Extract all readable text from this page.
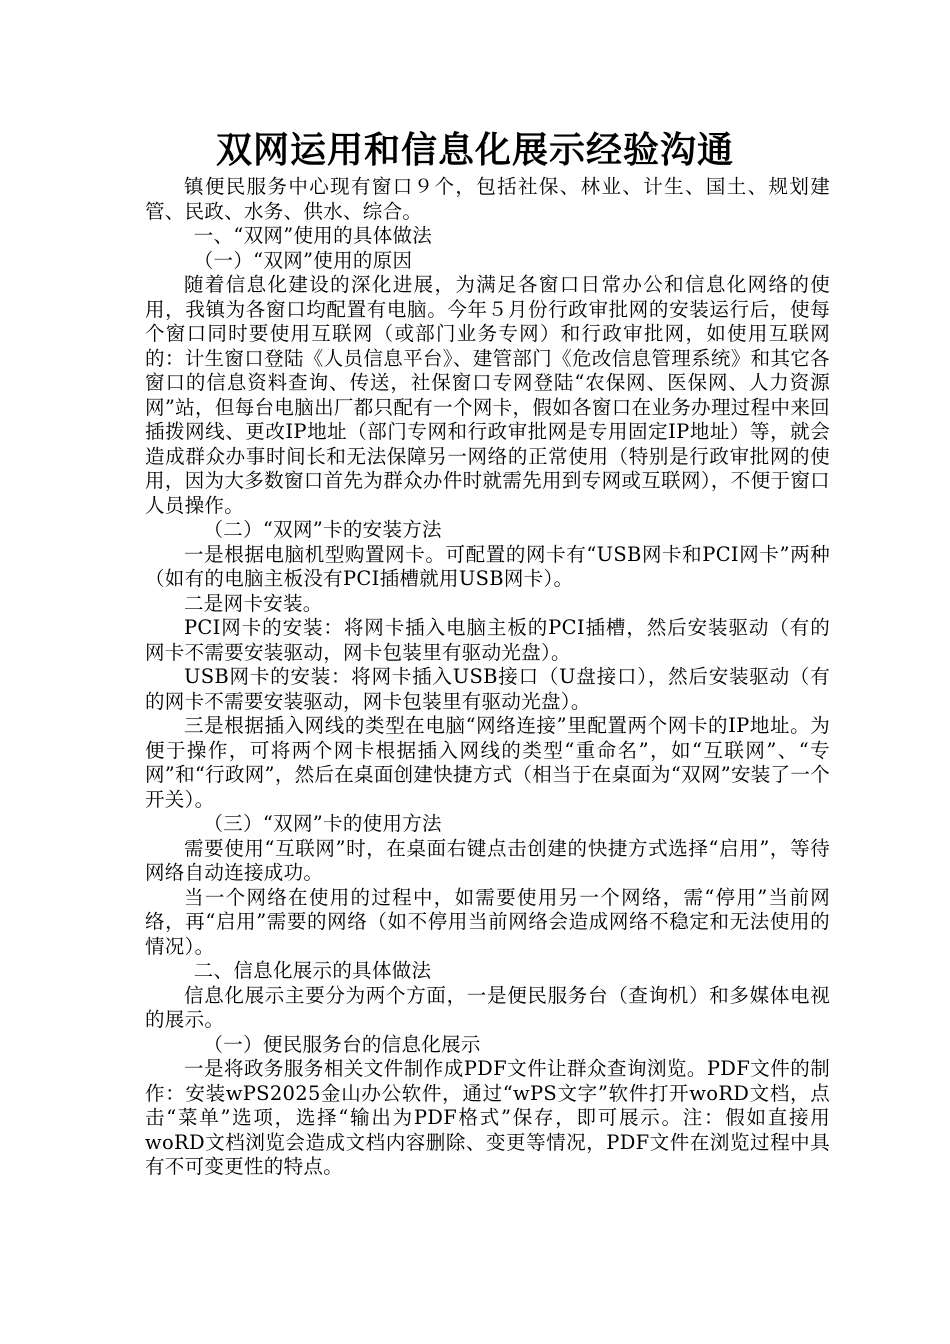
双网运用和信息化展示经验沟通

镇便民服务中心现有窗口９个，包括社保、林业、计生、国土、规划建管、民政、水务、供水、综合。

一、“双网”使用的具体做法

（一）“双网”使用的原因

随着信息化建设的深化进展，为满足各窗口日常办公和信息化网络的使用，我镇为各窗口均配置有电脑。今年５月份行政审批网的安装运行后，使每个窗口同时要使用互联网（或部门业务专网）和行政审批网，如使用互联网的：计生窗口登陆《人员信息平台》、建管部门《危改信息管理系统》和其它各窗口的信息资料查询、传送，社保窗口专网登陆“农保网、医保网、人力资源网”站，但每台电脑出厂都只配有一个网卡，假如各窗口在业务办理过程中来回插拨网线、更改IP地址（部门专网和行政审批网是专用固定IP地址）等，就会造成群众办事时间长和无法保障另一网络的正常使用（特别是行政审批网的使用，因为大多数窗口首先为群众办件时就需先用到专网或互联网），不便于窗口人员操作。

（二）“双网”卡的安装方法

一是根据电脑机型购置网卡。可配置的网卡有“USB网卡和PCI网卡”两种（如有的电脑主板没有PCI插槽就用USB网卡）。

二是网卡安装。

PCI网卡的安装：将网卡插入电脑主板的PCI插槽，然后安装驱动（有的网卡不需要安装驱动，网卡包装里有驱动光盘）。

USB网卡的安装：将网卡插入USB接口（U盘接口），然后安装驱动（有的网卡不需要安装驱动，网卡包装里有驱动光盘）。

三是根据插入网线的类型在电脑“网络连接”里配置两个网卡的IP地址。为便于操作，可将两个网卡根据插入网线的类型“重命名”，如“互联网”、“专网”和“行政网”，然后在桌面创建快捷方式（相当于在桌面为“双网”安装了一个开关）。

（三）“双网”卡的使用方法

需要使用“互联网”时，在桌面右键点击创建的快捷方式选择“启用”，等待网络自动连接成功。

当一个网络在使用的过程中，如需要使用另一个网络，需“停用”当前网络，再“启用”需要的网络（如不停用当前网络会造成网络不稳定和无法使用的情况）。

二、信息化展示的具体做法

信息化展示主要分为两个方面，一是便民服务台（查询机）和多媒体电视的展示。

（一）便民服务台的信息化展示

一是将政务服务相关文件制作成PDF文件让群众查询浏览。PDF文件的制作：安装wPS2025金山办公软件，通过“wPS文字”软件打开woRD文档，点击“菜单”选项，选择“输出为PDF格式”保存，即可展示。注：假如直接用woRD文档浏览会造成文档内容删除、变更等情况，PDF文件在浏览过程中具有不可变更性的特点。
